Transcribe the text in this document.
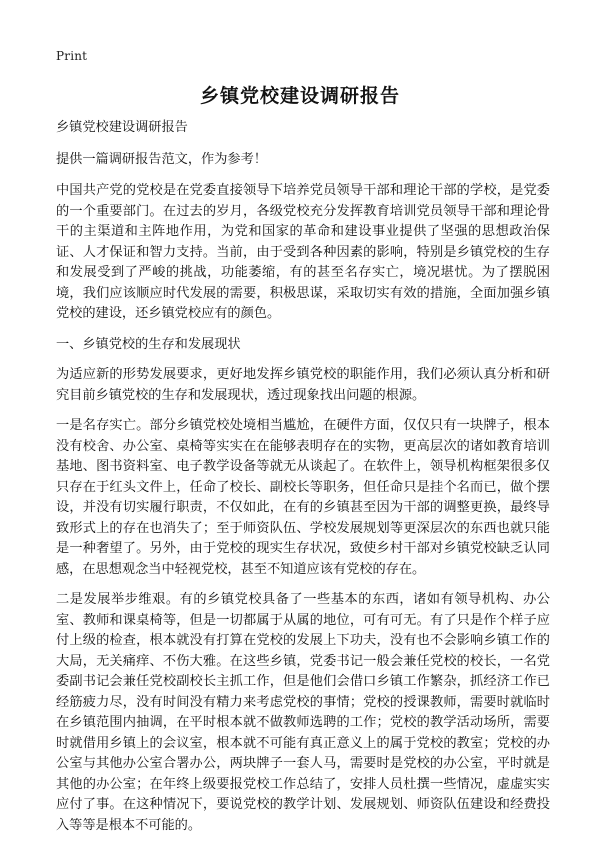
Print
乡镇党校建设调研报告

乡镇党校建设调研报告

提供一篇调研报告范文，作为参考！

中国共产党的党校是在党委直接领导下培养党员领导干部和理论干部的学校，是党委的一个重要部门。在过去的岁月，各级党校充分发挥教育培训党员领导干部和理论骨干的主渠道和主阵地作用，为党和国家的革命和建设事业提供了坚强的思想政治保证、人才保证和智力支持。当前，由于受到各种因素的影响，特别是乡镇党校的生存和发展受到了严峻的挑战，功能萎缩，有的甚至名存实亡，境况堪忧。为了摆脱困境，我们应该顺应时代发展的需要，积极思谋，采取切实有效的措施，全面加强乡镇党校的建设，还乡镇党校应有的颜色。

一、乡镇党校的生存和发展现状

为适应新的形势发展要求，更好地发挥乡镇党校的职能作用，我们必须认真分析和研究目前乡镇党校的生存和发展现状，透过现象找出问题的根源。

一是名存实亡。部分乡镇党校处境相当尴尬，在硬件方面，仅仅只有一块牌子，根本没有校舍、办公室、桌椅等实实在在能够表明存在的实物，更高层次的诸如教育培训基地、图书资料室、电子教学设备等就无从谈起了。在软件上，领导机构框架很多仅只存在于红头文件上，任命了校长、副校长等职务，但任命只是挂个名而已，做个摆设，并没有切实履行职责，不仅如此，在有的乡镇甚至因为干部的调整更换，最终导致形式上的存在也消失了；至于师资队伍、学校发展规划等更深层次的东西也就只能是一种奢望了。另外，由于党校的现实生存状况，致使乡村干部对乡镇党校缺乏认同感，在思想观念当中轻视党校，甚至不知道应该有党校的存在。

二是发展举步维艰。有的乡镇党校具备了一些基本的东西，诸如有领导机构、办公室、教师和课桌椅等，但是一切都属于从属的地位，可有可无。有了只是作个样子应付上级的检查，根本就没有打算在党校的发展上下功夫，没有也不会影响乡镇工作的大局，无关痛痒、不伤大雅。在这些乡镇，党委书记一般会兼任党校的校长，一名党委副书记会兼任党校副校长主抓工作，但是他们会借口乡镇工作繁杂，抓经济工作已经筋疲力尽，没有时间没有精力来考虑党校的事情；党校的授课教师，需要时就临时在乡镇范围内抽调，在平时根本就不做教师选聘的工作；党校的教学活动场所，需要时就借用乡镇上的会议室，根本就不可能有真正意义上的属于党校的教室；党校的办公室与其他办公室合署办公，两块牌子一套人马，需要时是党校的办公室，平时就是其他的办公室；在年终上级要报党校工作总结了，安排人员杜撰一些情况，虚虚实实应付了事。在这种情况下，要说党校的教学计划、发展规划、师资队伍建设和经费投入等等是根本不可能的。
